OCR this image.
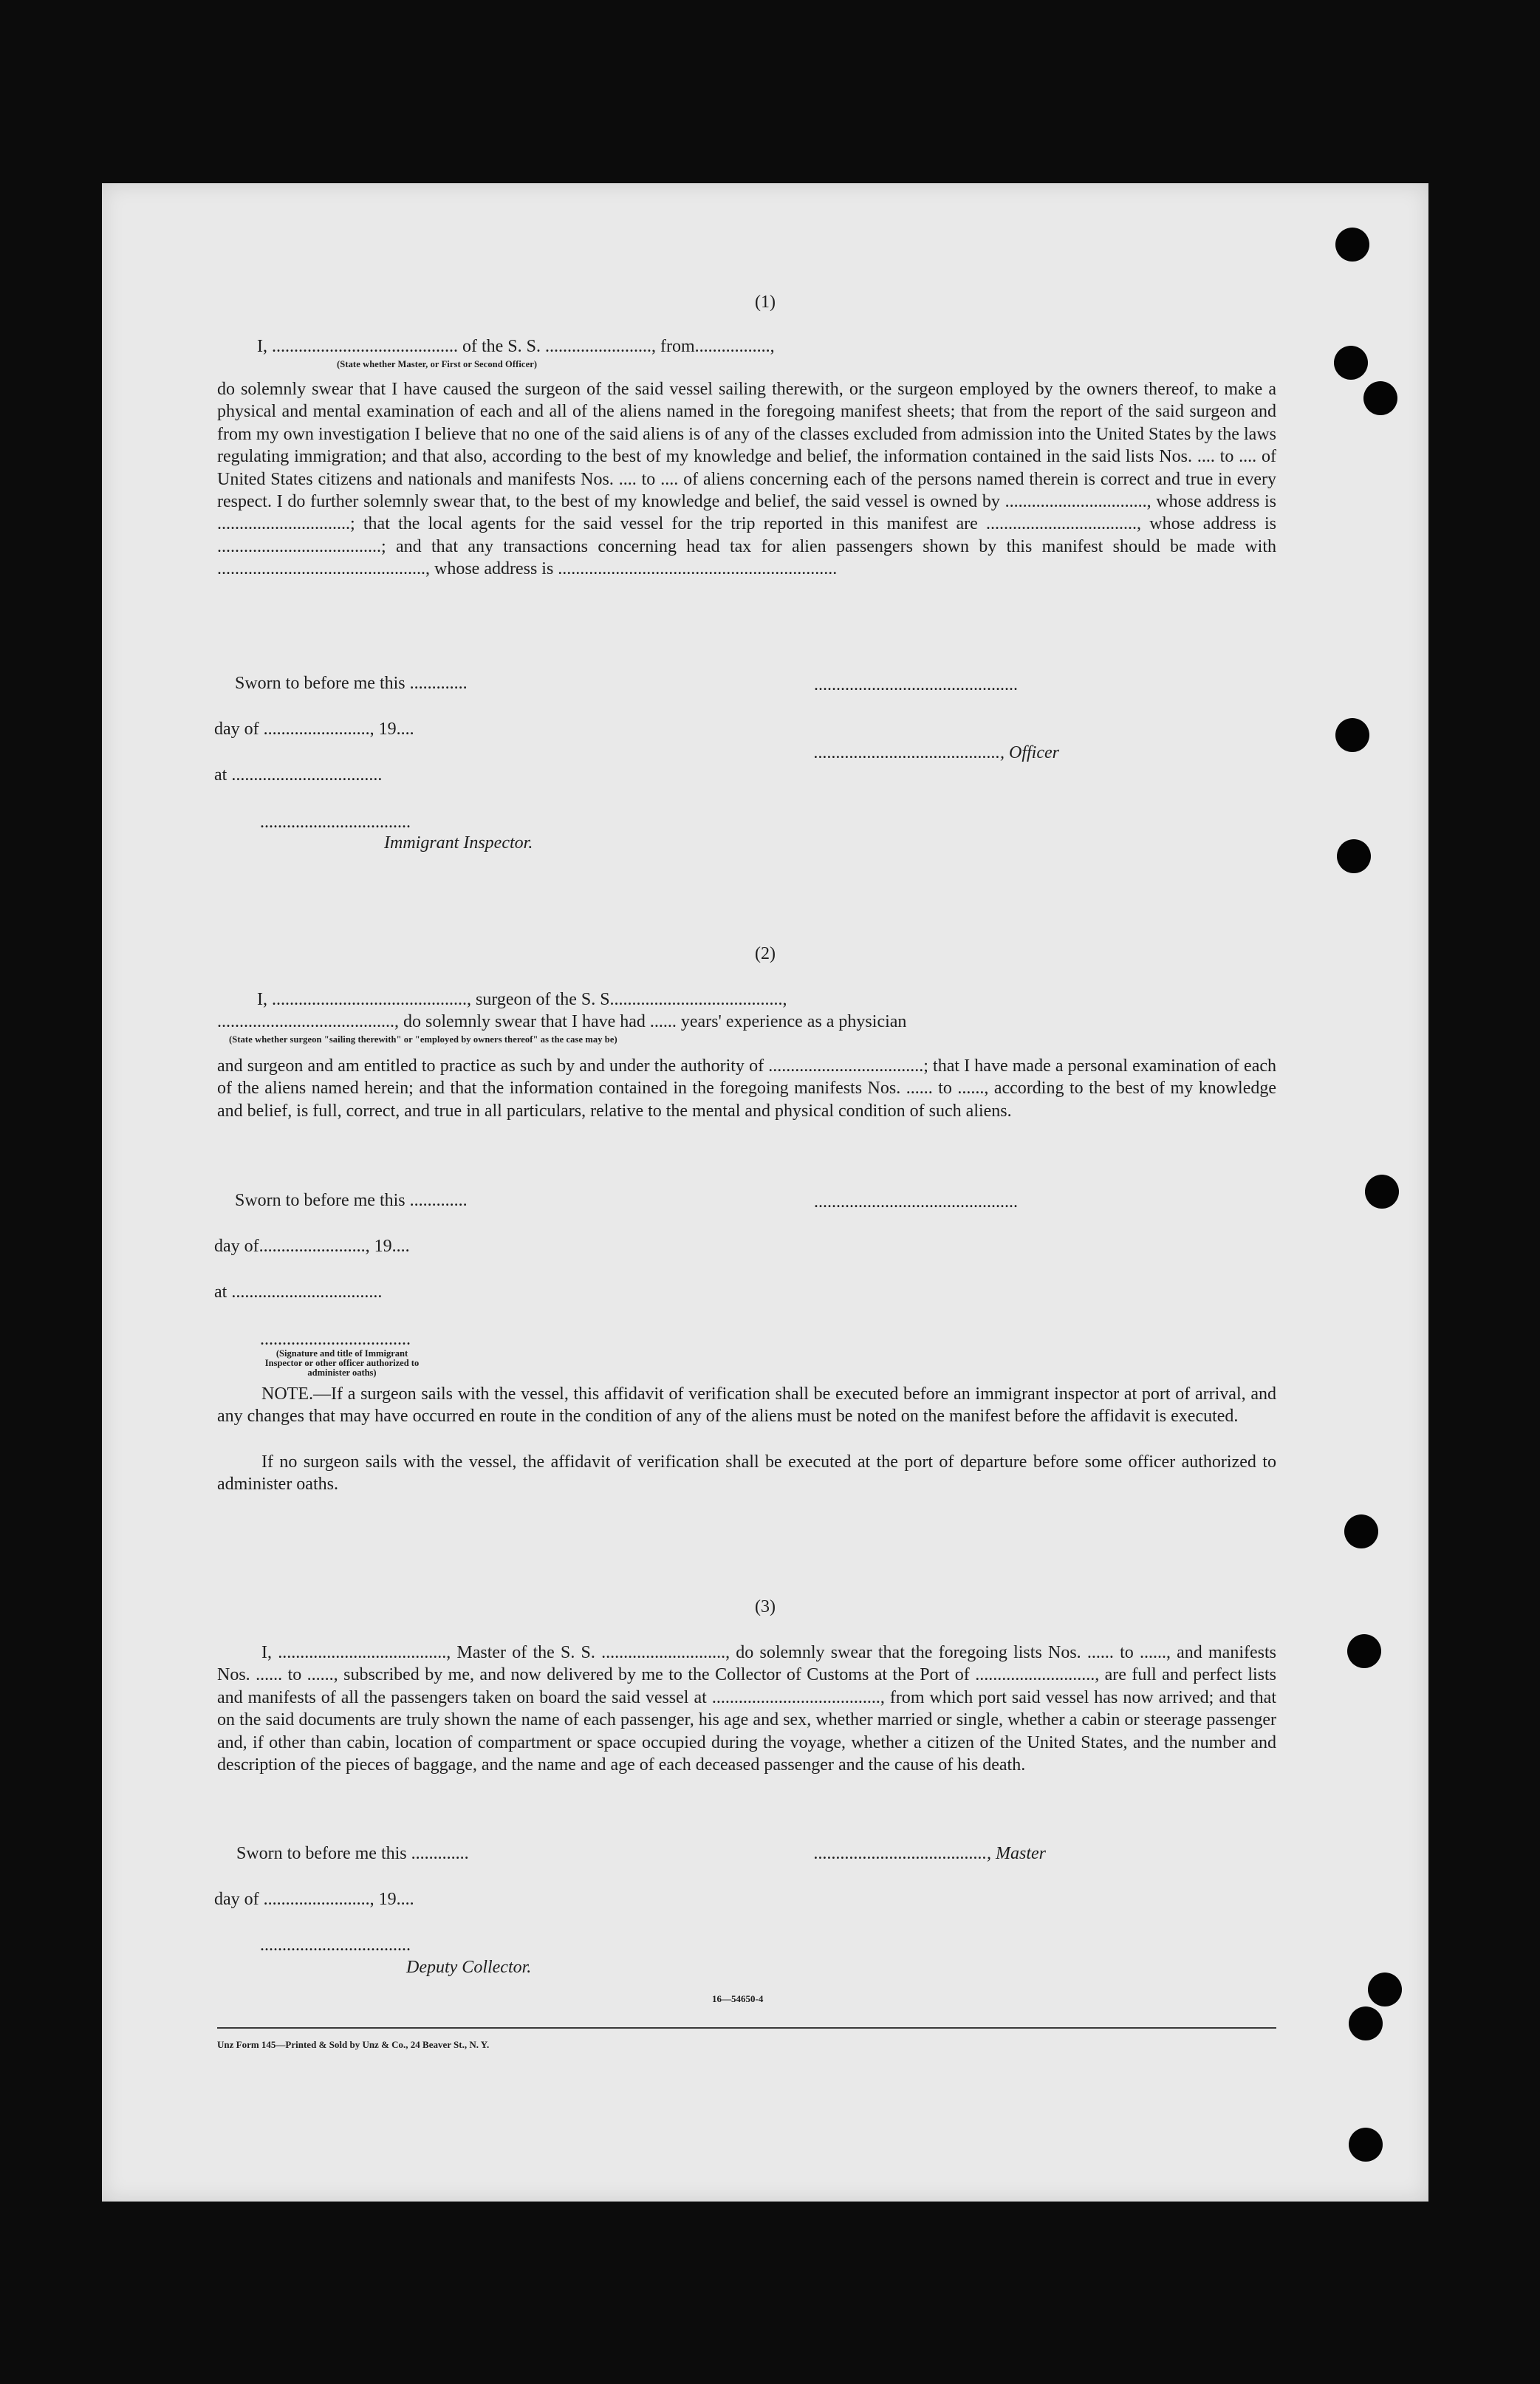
(1)
I, .......................................... of the S. S. ........................, from.................,
(State whether Master, or First or Second Officer)
do solemnly swear that I have caused the surgeon of the said vessel sailing therewith, or the surgeon employed by the owners thereof, to make a physical and mental examination of each and all of the aliens named in the foregoing manifest sheets; that from the report of the said surgeon and from my own investigation I believe that no one of the said aliens is of any of the classes excluded from admission into the United States by the laws regulating immigration; and that also, according to the best of my knowledge and belief, the information contained in the said lists Nos. .... to .... of United States citizens and nationals and manifests Nos. .... to .... of aliens concerning each of the persons named therein is correct and true in every respect. I do further solemnly swear that, to the best of my knowledge and belief, the said vessel is owned by ................................, whose address is ..............................; that the local agents for the said vessel for the trip reported in this manifest are .................................., whose address is .....................................; and that any transactions concerning head tax for alien passengers shown by this manifest should be made with ..............................................., whose address is ...............................................................
Sworn to before me this .............	..............................................
day of ........................, 19....
.........................................., Officer
at ..................................
..................................
Immigrant Inspector.
(2)
I, ............................................, surgeon of the S. S.......................................,
........................................, do solemnly swear that I have had ...... years' experience as a physician
(State whether surgeon "sailing therewith" or "employed by owners thereof" as the case may be)
and surgeon and am entitled to practice as such by and under the authority of ...................................; that I have made a personal examination of each of the aliens named herein; and that the information contained in the foregoing manifests Nos. ...... to ......, according to the best of my knowledge and belief, is full, correct, and true in all particulars, relative to the mental and physical condition of such aliens.
Sworn to before me this .............	..............................................
day of........................, 19....
at ..................................
..................................
(Signature and title of Immigrant Inspector or other officer authorized to administer oaths)
NOTE.—If a surgeon sails with the vessel, this affidavit of verification shall be executed before an immigrant inspector at port of arrival, and any changes that may have occurred en route in the condition of any of the aliens must be noted on the manifest before the affidavit is executed.
If no surgeon sails with the vessel, the affidavit of verification shall be executed at the port of departure before some officer authorized to administer oaths.
(3)
I, ......................................, Master of the S. S. ............................, do solemnly swear that the foregoing lists Nos. ...... to ......, and manifests Nos. ...... to ......, subscribed by me, and now delivered by me to the Collector of Customs at the Port of ..........................., are full and perfect lists and manifests of all the passengers taken on board the said vessel at ......................................, from which port said vessel has now arrived; and that on the said documents are truly shown the name of each passenger, his age and sex, whether married or single, whether a cabin or steerage passenger and, if other than cabin, location of compartment or space occupied during the voyage, whether a citizen of the United States, and the number and description of the pieces of baggage, and the name and age of each deceased passenger and the cause of his death.
Sworn to before me this .............	......................................., Master
day of ........................, 19....
..................................
Deputy Collector.
16—54650-4
Unz Form 145—Printed & Sold by Unz & Co., 24 Beaver St., N. Y.
